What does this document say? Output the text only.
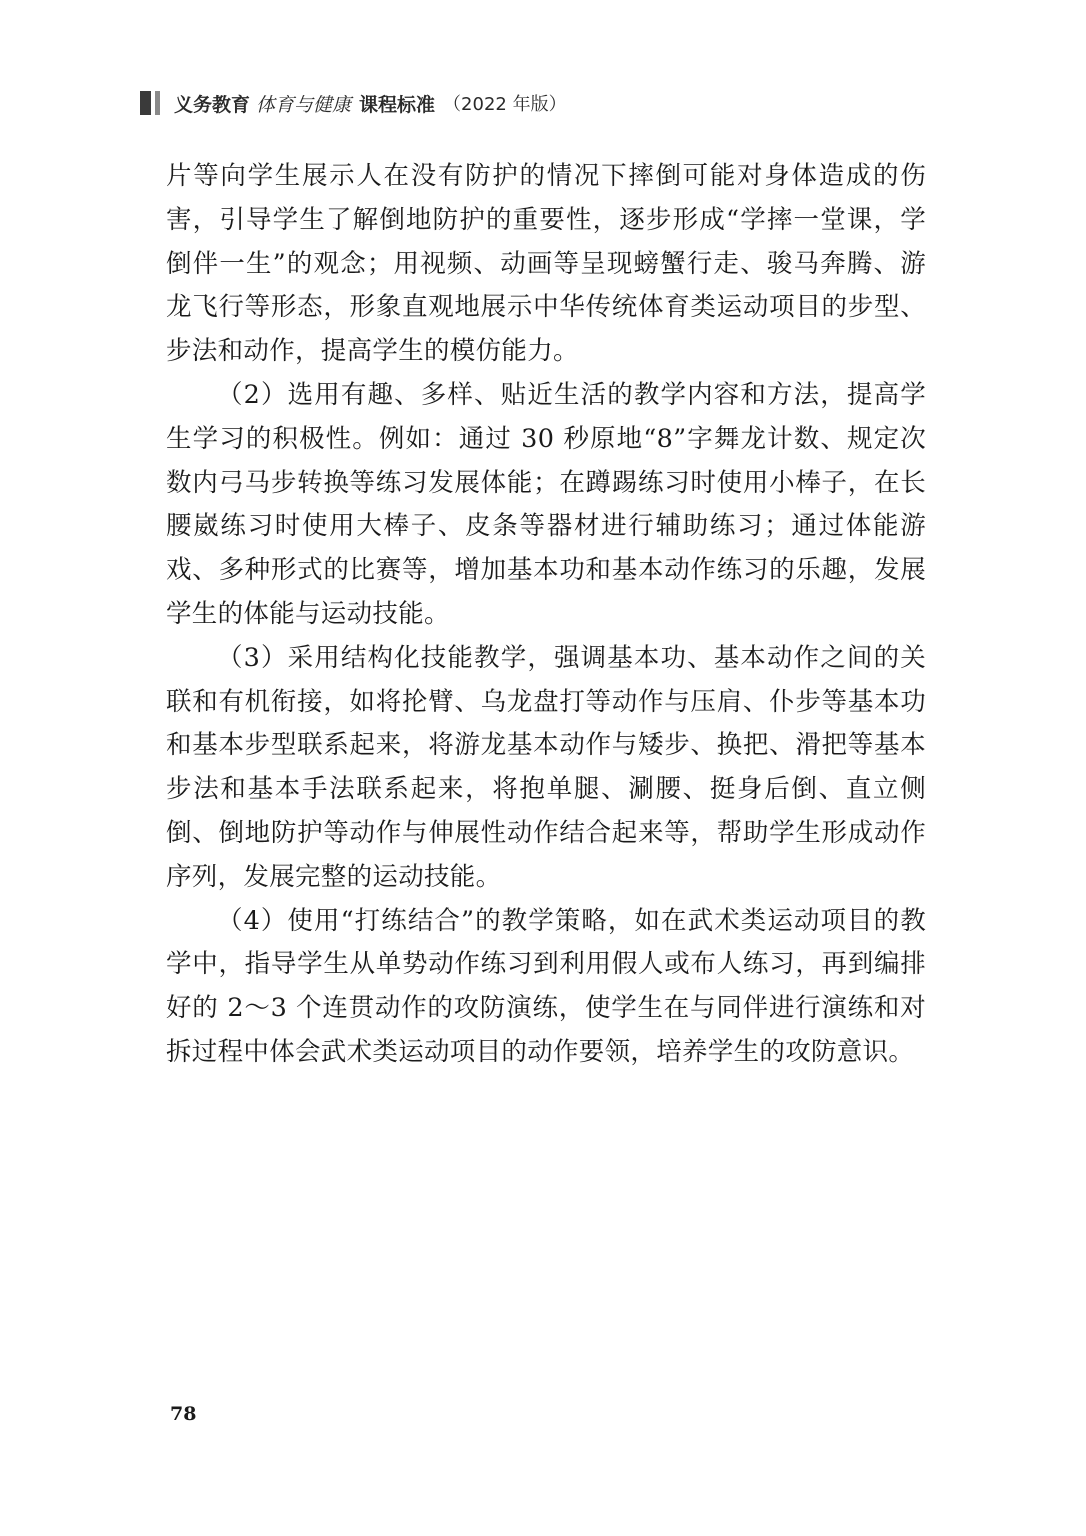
义务教育 体育与健康 课程标准 （2022 年版）

片等向学生展示人在没有防护的情况下摔倒可能对身体造成的伤害，引导学生了解倒地防护的重要性，逐步形成“学摔一堂课，学倒伴一生”的观念；用视频、动画等呈现螃蟹行走、骏马奔腾、游龙飞行等形态，形象直观地展示中华传统体育类运动项目的步型、步法和动作，提高学生的模仿能力。

（2）选用有趣、多样、贴近生活的教学内容和方法，提高学生学习的积极性。例如：通过 30 秒原地“8”字舞龙计数、规定次数内弓马步转换等练习发展体能；在蹲踢练习时使用小棒子，在长腰崴练习时使用大棒子、皮条等器材进行辅助练习；通过体能游戏、多种形式的比赛等，增加基本功和基本动作练习的乐趣，发展学生的体能与运动技能。

（3）采用结构化技能教学，强调基本功、基本动作之间的关联和有机衔接，如将抡臂、乌龙盘打等动作与压肩、仆步等基本功和基本步型联系起来，将游龙基本动作与矮步、换把、滑把等基本步法和基本手法联系起来，将抱单腿、涮腰、挺身后倒、直立侧倒、倒地防护等动作与伸展性动作结合起来等，帮助学生形成动作序列，发展完整的运动技能。

（4）使用“打练结合”的教学策略，如在武术类运动项目的教学中，指导学生从单势动作练习到利用假人或布人练习，再到编排好的 2～3 个连贯动作的攻防演练，使学生在与同伴进行演练和对拆过程中体会武术类运动项目的动作要领，培养学生的攻防意识。

78
